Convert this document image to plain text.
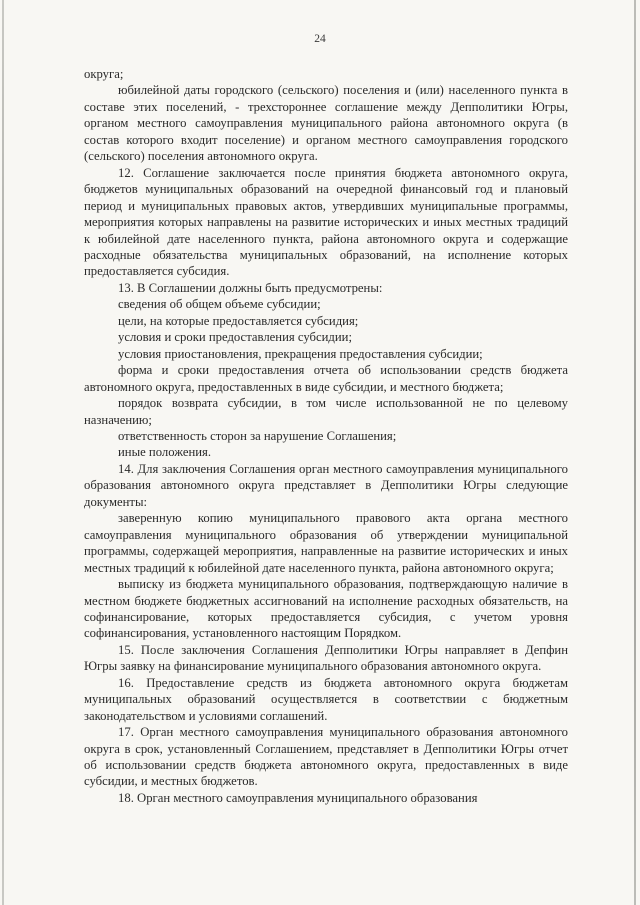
24

округа;

юбилейной даты городского (сельского) поселения и (или) населенного пункта в составе этих поселений, - трехстороннее соглашение между Депполитики Югры, органом местного самоуправления муниципального района автономного округа (в состав которого входит поселение) и органом местного самоуправления городского (сельского) поселения автономного округа.

12. Соглашение заключается после принятия бюджета автономного округа, бюджетов муниципальных образований на очередной финансовый год и плановый период и муниципальных правовых актов, утвердивших муниципальные программы, мероприятия которых направлены на развитие исторических и иных местных традиций к юбилейной дате населенного пункта, района автономного округа и содержащие расходные обязательства муниципальных образований, на исполнение которых предоставляется субсидия.

13. В Соглашении должны быть предусмотрены:

сведения об общем объеме субсидии;

цели, на которые предоставляется субсидия;

условия и сроки предоставления субсидии;

условия приостановления, прекращения предоставления субсидии;

форма и сроки предоставления отчета об использовании средств бюджета автономного округа, предоставленных в виде субсидии, и местного бюджета;

порядок возврата субсидии, в том числе использованной не по целевому назначению;

ответственность сторон за нарушение Соглашения;

иные положения.

14. Для заключения Соглашения орган местного самоуправления муниципального образования автономного округа представляет в Депполитики Югры следующие документы:

заверенную копию муниципального правового акта органа местного самоуправления муниципального образования об утверждении муниципальной программы, содержащей мероприятия, направленные на развитие исторических и иных местных традиций к юбилейной дате населенного пункта, района автономного округа;

выписку из бюджета муниципального образования, подтверждающую наличие в местном бюджете бюджетных ассигнований на исполнение расходных обязательств, на софинансирование, которых предоставляется субсидия, с учетом уровня софинансирования, установленного настоящим Порядком.

15. После заключения Соглашения Депполитики Югры направляет в Депфин Югры заявку на финансирование муниципального образования автономного округа.

16. Предоставление средств из бюджета автономного округа бюджетам муниципальных образований осуществляется в соответствии с бюджетным законодательством и условиями соглашений.

17. Орган местного самоуправления муниципального образования автономного округа в срок, установленный Соглашением, представляет в Депполитики Югры отчет об использовании средств бюджета автономного округа, предоставленных в виде субсидии, и местных бюджетов.

18. Орган местного самоуправления муниципального образования
